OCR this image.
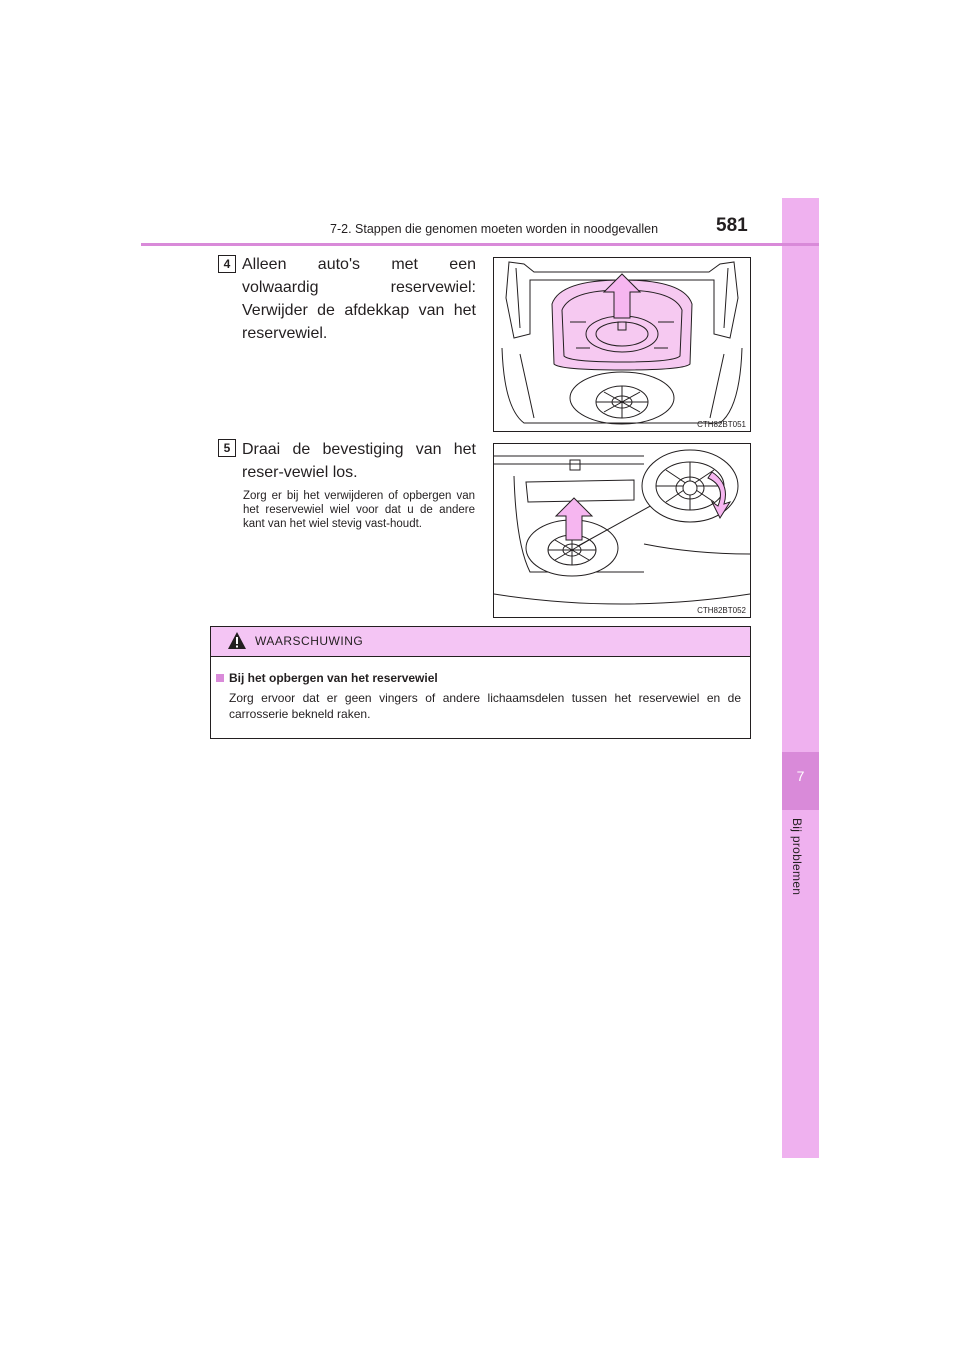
7
Bij problemen
7-2. Stappen die genomen moeten worden in noodgevallen	581
4 Alleen auto's met een volwaardig reservewiel: Verwijder de afdekkap van het reservewiel.
CTH82BT051
5 Draai de bevestiging van het reser-vewiel los.
Zorg er bij het verwijderen of opbergen van het reservewiel wiel voor dat u de andere kant van het wiel stevig vast-houdt.
CTH82BT052
WAARSCHUWING
Bij het opbergen van het reservewiel
Zorg ervoor dat er geen vingers of andere lichaamsdelen tussen het reservewiel en de carrosserie bekneld raken.
